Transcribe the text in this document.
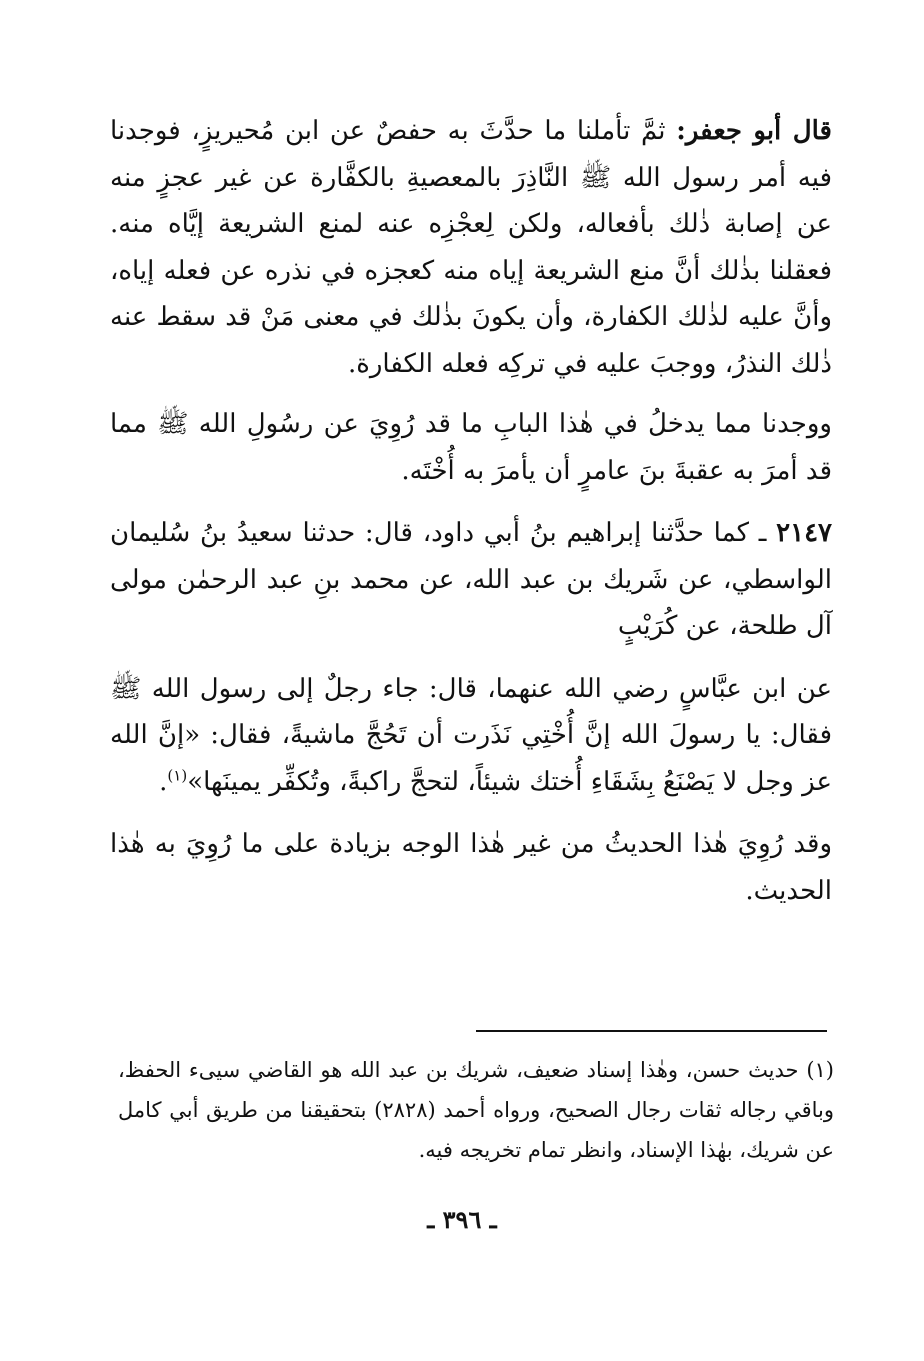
قال أبو جعفر: ثمَّ تأملنا ما حدَّثَ به حفصٌ عن ابن مُحيريزٍ، فوجدنا فيه أمر رسول الله ﷺ النَّاذِرَ بالمعصيةِ بالكفَّارة عن غير عجزٍ منه عن إصابة ذٰلك بأفعاله، ولكن لِعجْزِه عنه لمنع الشريعة إيَّاه منه. فعقلنا بذٰلك أنَّ منع الشريعة إياه منه كعجزه في نذره عن فعله إياه، وأنَّ عليه لذٰلك الكفارة، وأن يكونَ بذٰلك في معنى مَنْ قد سقط عنه ذٰلك النذرُ، ووجبَ عليه في تركِه فعله الكفارة.

ووجدنا مما يدخلُ في هٰذا البابِ ما قد رُوِيَ عن رسُولِ الله ﷺ مما قد أمرَ به عقبةَ بنَ عامرٍ أن يأمرَ به أُخْتَه.

٢١٤٧ ـ كما حدَّثنا إبراهيم بنُ أبي داود، قال: حدثنا سعيدُ بنُ سُليمان الواسطي، عن شَريك بن عبد الله، عن محمد بنِ عبد الرحمٰن مولى آل طلحة، عن كُرَيْبٍ

عن ابن عبَّاسٍ رضي الله عنهما، قال: جاء رجلٌ إلى رسول الله ﷺ فقال: يا رسولَ الله إنَّ أُخْتِي نَذَرت أن تَحُجَّ ماشيةً، فقال: «إنَّ الله عز وجل لا يَصْنَعُ بِشَقَاءِ أُختك شيئاً، لتحجَّ راكبةً، وتُكفِّر يمينَها»$^{(١)}$.

وقد رُوِيَ هٰذا الحديثُ من غير هٰذا الوجه بزيادة على ما رُوِيَ به هٰذا الحديث.

(١) حديث حسن، وهٰذا إسناد ضعيف، شريك بن عبد الله هو القاضي سيىء الحفظ، وباقي رجاله ثقات رجال الصحيح، ورواه أحمد (٢٨٢٨) بتحقيقنا من طريق أبي كامل عن شريك، بهٰذا الإسناد، وانظر تمام تخريجه فيه.

ـ ٣٩٦ ـ
